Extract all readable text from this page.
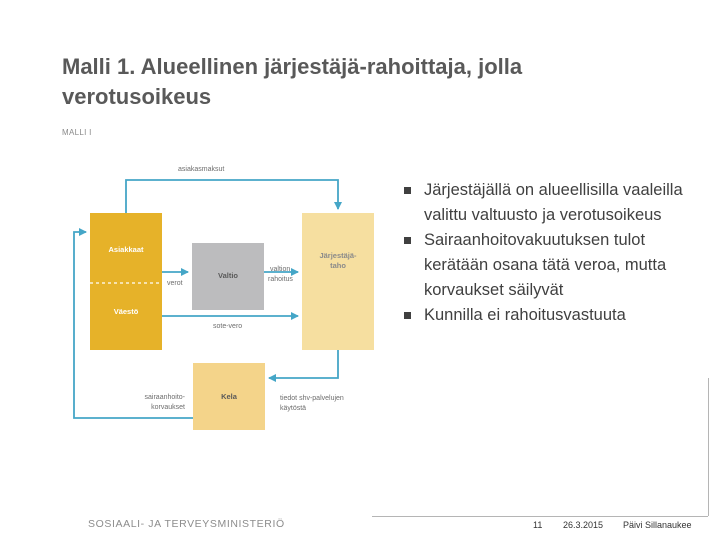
Malli 1. Alueellinen järjestäjä-rahoittaja, jolla verotusoikeus
MALLI I
Asiakkaat
Väestö
Valtio
Järjestäjä-
taho
Kela
asiakasmaksut
verot
valtion
rahoitus
sote-vero
sairaanhoito-
korvaukset
tiedot shv-palvelujen
käytöstä
Järjestäjällä on alueellisilla vaaleilla valittu valtuusto ja verotusoikeus
Sairaanhoitovakuutuksen tulot kerätään osana tätä veroa, mutta korvaukset säilyvät
Kunnilla ei rahoitusvastuuta
SOSIAALI- JA TERVEYSMINISTERIÖ	11 26.3.2015 Päivi Sillanaukee
